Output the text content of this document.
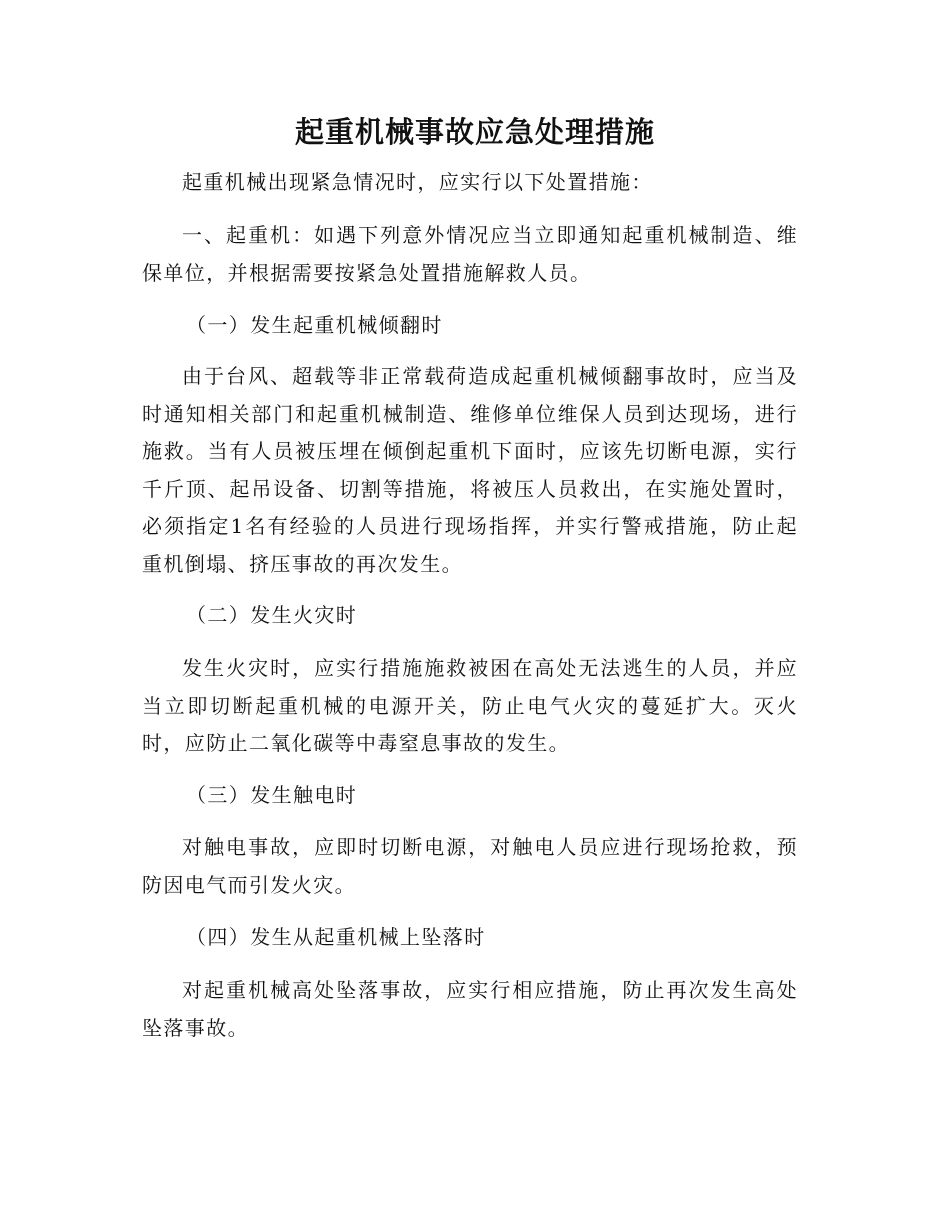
起重机械事故应急处理措施

起重机械出现紧急情况时，应实行以下处置措施：

一、起重机：如遇下列意外情况应当立即通知起重机械制造、维保单位，并根据需要按紧急处置措施解救人员。

（一）发生起重机械倾翻时

由于台风、超载等非正常载荷造成起重机械倾翻事故时，应当及时通知相关部门和起重机械制造、维修单位维保人员到达现场，进行施救。当有人员被压埋在倾倒起重机下面时，应该先切断电源，实行千斤顶、起吊设备、切割等措施，将被压人员救出，在实施处置时，必须指定1名有经验的人员进行现场指挥，并实行警戒措施，防止起重机倒塌、挤压事故的再次发生。

（二）发生火灾时

发生火灾时，应实行措施施救被困在高处无法逃生的人员，并应当立即切断起重机械的电源开关，防止电气火灾的蔓延扩大。灭火时，应防止二氧化碳等中毒窒息事故的发生。

（三）发生触电时

对触电事故，应即时切断电源，对触电人员应进行现场抢救，预防因电气而引发火灾。

（四）发生从起重机械上坠落时

对起重机械高处坠落事故，应实行相应措施，防止再次发生高处坠落事故。
